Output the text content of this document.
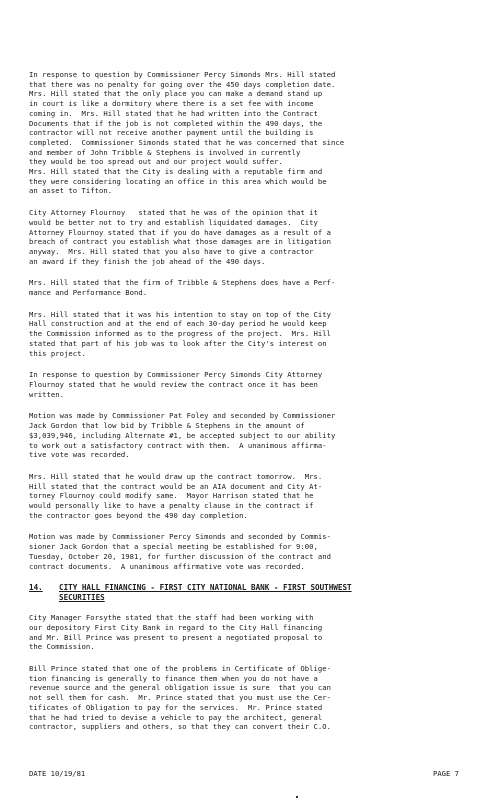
In response to question by Commissioner Percy Simonds Mrs. Hill stated
that there was no penalty for going over the 450 days completion date.
Mrs. Hill stated that the only place you can make a demand stand up
in court is like a dormitory where there is a set fee with income
coming in.  Mrs. Hill stated that he had written into the Contract
Documents that if the job is not completed within the 490 days, the
contractor will not receive another payment until the building is
completed.  Commissioner Simonds stated that he was concerned that since
and member of John Tribble & Stephens is involved in currently
they would be too spread out and our project would suffer.
Mrs. Hill stated that the City is dealing with a reputable firm and
they were considering locating an office in this area which would be
an asset to Tifton.

City Attorney Flournoy   stated that he was of the opinion that it
would be better not to try and establish liquidated damages.  City
Attorney Flournoy stated that if you do have damages as a result of a
breach of contract you establish what those damages are in litigation
anyway.  Mrs. Hill stated that you also have to give a contractor
an award if they finish the job ahead of the 490 days.

Mrs. Hill stated that the firm of Tribble & Stephens does have a Perf-
mance and Performance Bond.

Mrs. Hill stated that it was his intention to stay on top of the City
Hall construction and at the end of each 30-day period he would keep
the Commission informed as to the progress of the project.  Mrs. Hill
stated that part of his job was to look after the City's interest on
this project.

In response to question by Commissioner Percy Simonds City Attorney
Flournoy stated that he would review the contract once it has been
written.

Motion was made by Commissioner Pat Foley and seconded by Commissioner
Jack Gordon that low bid by Tribble & Stephens in the amount of
$3,039,946, including Alternate #1, be accepted subject to our ability
to work out a satisfactory contract with them.  A unanimous affirma-
tive vote was recorded.

Mrs. Hill stated that he would draw up the contract tomorrow.  Mrs.
Hill stated that the contract would be an AIA document and City At-
torney Flournoy could modify same.  Mayor Harrison stated that he
would personally like to have a penalty clause in the contract if
the contractor goes beyond the 490 day completion.

Motion was made by Commissioner Percy Simonds and seconded by Commis-
sioner Jack Gordon that a special meeting be established for 9:00,
Tuesday, October 20, 1981, for further discussion of the contract and
contract documents.  A unanimous affirmative vote was recorded.

14.	CITY HALL FINANCING - FIRST CITY NATIONAL BANK - FIRST SOUTHWEST
SECURITIES

City Manager Forsythe stated that the staff had been working with
our depository First City Bank in regard to the City Hall financing
and Mr. Bill Prince was present to present a negotiated proposal to
the Commission.

Bill Prince stated that one of the problems in Certificate of Oblige-
tion financing is generally to finance them when you do not have a
revenue source and the general obligation issue is sure  that you can
not sell them for cash.  Mr. Prince stated that you must use the Cer-
tificates of Obligation to pay for the services.  Mr. Prince stated
that he had tried to devise a vehicle to pay the architect, general
contractor, suppliers and others, so that they can convert their C.O.

DATE 10/19/81	PAGE 7
